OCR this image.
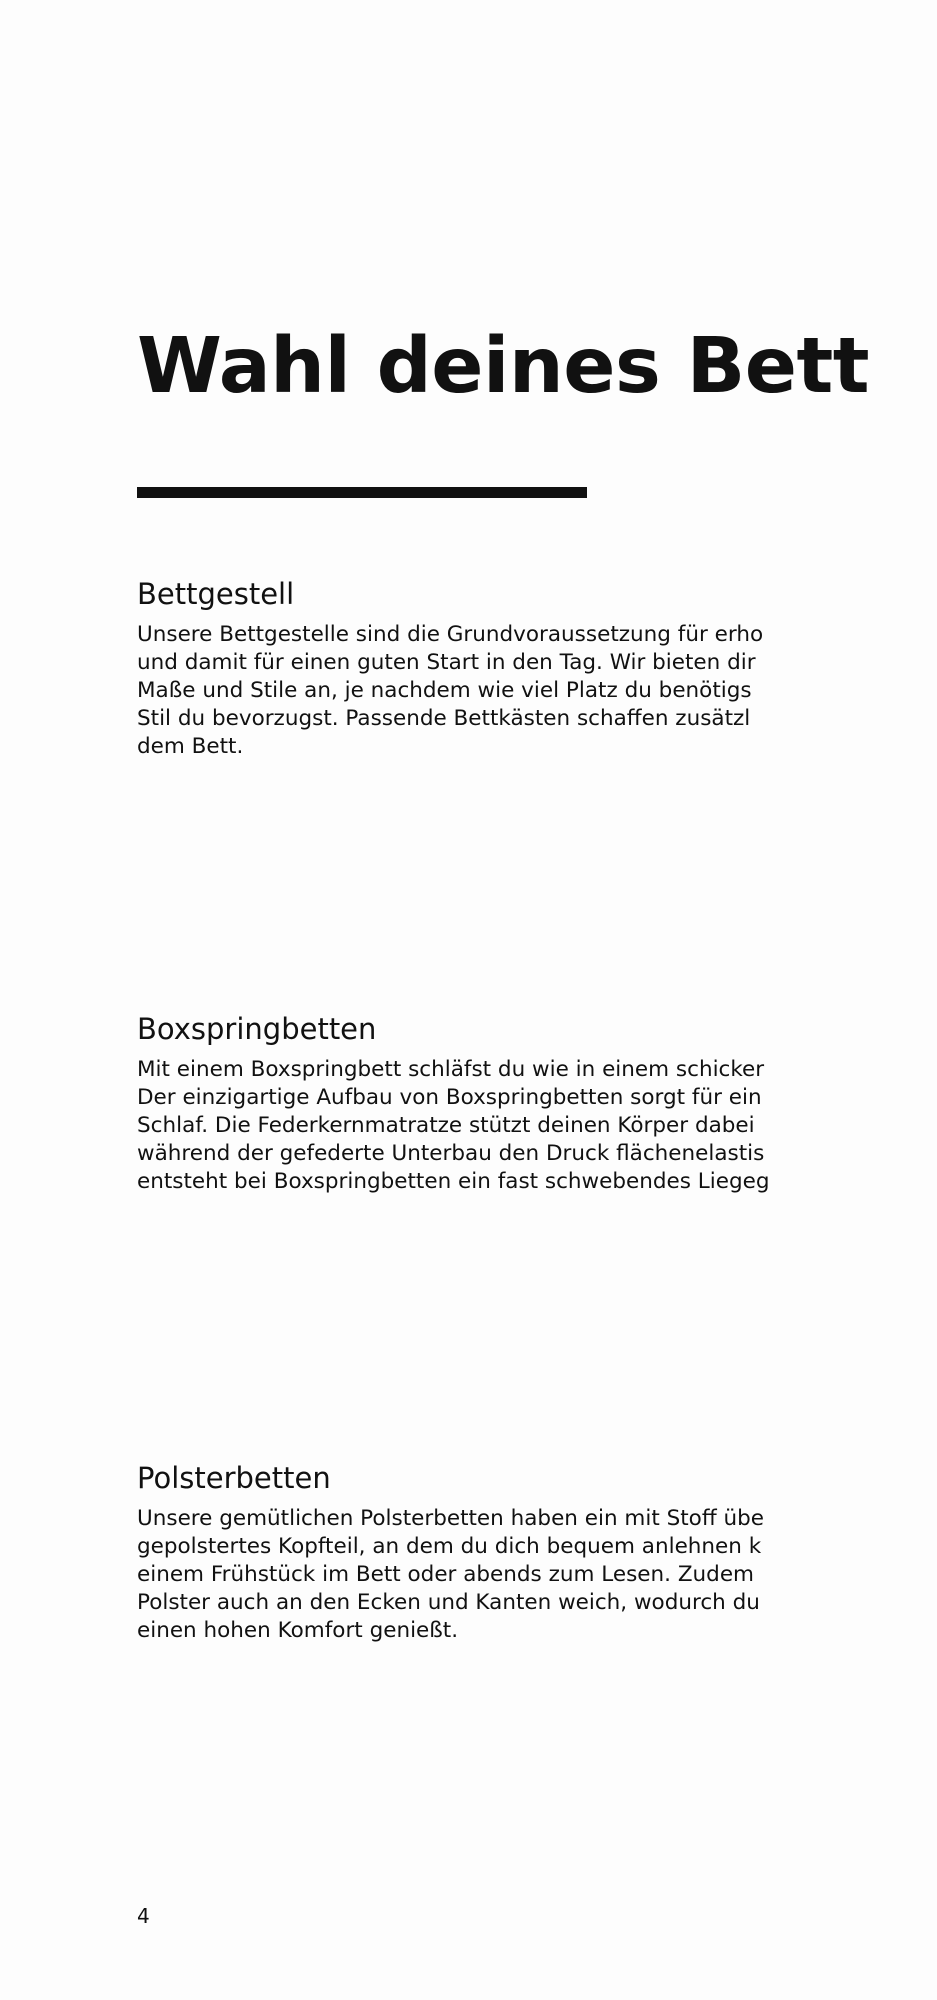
Wahl deines Bett
Bettgestell
Unsere Bettgestelle sind die Grundvoraussetzung für erho
und damit für einen guten Start in den Tag. Wir bieten dir
Maße und Stile an, je nachdem wie viel Platz du benötigs
Stil du bevorzugst. Passende Bettkästen schaffen zusätzl
dem Bett.
Boxspringbetten
Mit einem Boxspringbett schläfst du wie in einem schicker
Der einzigartige Aufbau von Boxspringbetten sorgt für ein
Schlaf. Die Federkernmatratze stützt deinen Körper dabei
während der gefederte Unterbau den Druck flächenelastis
entsteht bei Boxspringbetten ein fast schwebendes Liegeg
Polsterbetten
Unsere gemütlichen Polsterbetten haben ein mit Stoff übe
gepolstertes Kopfteil, an dem du dich bequem anlehnen k
einem Frühstück im Bett oder abends zum Lesen. Zudem
Polster auch an den Ecken und Kanten weich, wodurch du
einen hohen Komfort genießt.
4
